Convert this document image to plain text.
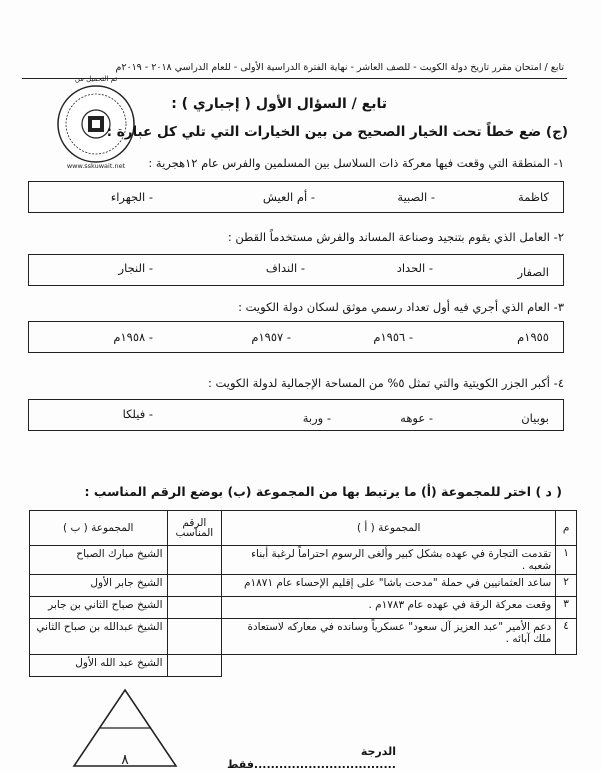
تابع / امتحان مقرر تاريخ دولة الكويت - للصف العاشر - نهاية الفترة الدراسية الأولى - للعام الدراسي ٢٠١٨ - ٢٠١٩م
تم التحميل من
www.sskuwait.net
تابع / السؤال الأول ( إجباري ) :
(ج) ضع خطاً تحت الخيار الصحيح من بين الخيارات التي تلي كل عبارة :
١- المنطقة التي وقعت فيها معركة ذات السلاسل بين المسلمين والفرس عام ١٢هجرية :
كاظمة
- الصبية
- أم العيش
- الجهراء
٢- العامل الذي يقوم بتنجيد وصناعة المساند والفرش مستخدماً القطن :
الصفار
- الحداد
- النداف
- النجار
٣- العام الذي أجري فيه أول تعداد رسمي موثق لسكان دولة الكويت :
١٩٥٥م
- ١٩٥٦م
- ١٩٥٧م
- ١٩٥٨م
٤- أكبر الجزر الكويتية والتي تمثل ٥% من المساحة الإجمالية لدولة الكويت :
بوبيان
- عوهه
- وربة
- فيلكا
( د ) اختر للمجموعة (أ) ما يرتبط بها من المجموعة (ب) بوضع الرقم المناسب :
م	المجموعة ( أ )	الرقم المناسب	المجموعة ( ب )
١	تقدمت التجارة في عهده بشكل كبير وألغى الرسوم احتراماً لرغبة أبناء شعبه .		الشيخ مبارك الصباح
٢	ساعد العثمانيين في حملة "مدحت باشا" على إقليم الإحساء عام ١٨٧١م		الشيخ جابر الأول
٣	وقعت معركة الرقة في عهده عام ١٧٨٣م .		الشيخ صباح الثاني بن جابر
٤	دعم الأمير "عبد العزيز آل سعود" عسكرياً وسانده في معاركه لاستعادة ملك آبائه .		الشيخ عبدالله بن صباح الثاني
			الشيخ عبد الله الأول
٨
الدرجة ..................................فقط
